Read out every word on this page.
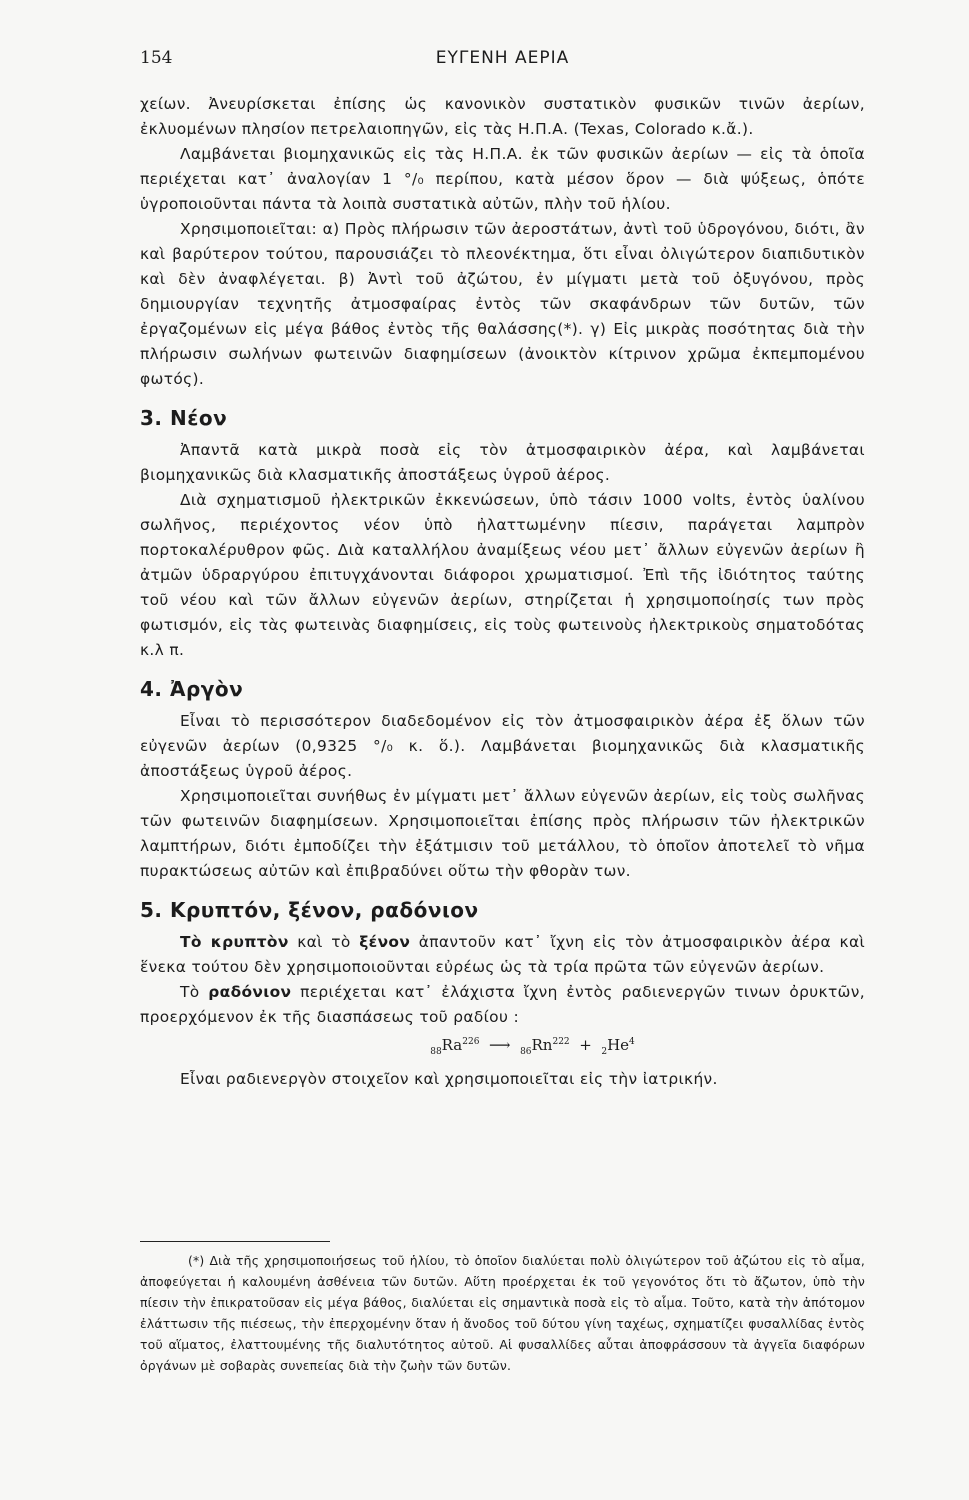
154	ΕΥΓΕΝΗ ΑΕΡΙΑ

χείων. Ἀνευρίσκεται ἐπίσης ὡς κανονικὸν συστατικὸν φυσικῶν τινῶν ἀερίων, ἐκλυομένων πλησίον πετρελαιοπηγῶν, εἰς τὰς Η.Π.Α. (Texas, Colorado κ.ἄ.).

Λαμβάνεται βιομηχανικῶς εἰς τὰς Η.Π.Α. ἐκ τῶν φυσικῶν ἀερίων — εἰς τὰ ὁποῖα περιέχεται κατ᾿ ἀναλογίαν 1 °/₀ περίπου, κατὰ μέσον ὅρον — διὰ ψύξεως, ὁπότε ὑγροποιοῦνται πάντα τὰ λοιπὰ συστατικὰ αὐτῶν, πλὴν τοῦ ἡλίου.

Χρησιμοποιεῖται: α) Πρὸς πλήρωσιν τῶν ἀεροστάτων, ἀντὶ τοῦ ὑδρογόνου, διότι, ἂν καὶ βαρύτερον τούτου, παρουσιάζει τὸ πλεονέκτημα, ὅτι εἶναι ὀλιγώτερον διαπιδυτικὸν καὶ δὲν ἀναφλέγεται. β) Ἀντὶ τοῦ ἀζώτου, ἐν μίγματι μετὰ τοῦ ὀξυγόνου, πρὸς δημιουργίαν τεχνητῆς ἀτμοσφαίρας ἐντὸς τῶν σκαφάνδρων τῶν δυτῶν, τῶν ἐργαζομένων εἰς μέγα βάθος ἐντὸς τῆς θαλάσσης(*). γ) Εἰς μικρὰς ποσότητας διὰ τὴν πλήρωσιν σωλήνων φωτεινῶν διαφημίσεων (ἀνοικτὸν κίτρινον χρῶμα ἐκπεμπομένου φωτός).

3. Νέον

Ἀπαντᾶ κατὰ μικρὰ ποσὰ εἰς τὸν ἀτμοσφαιρικὸν ἀέρα, καὶ λαμβάνεται βιομηχανικῶς διὰ κλασματικῆς ἀποστάξεως ὑγροῦ ἀέρος.

Διὰ σχηματισμοῦ ἠλεκτρικῶν ἐκκενώσεων, ὑπὸ τάσιν 1000 volts, ἐντὸς ὑαλίνου σωλῆνος, περιέχοντος νέον ὑπὸ ἠλαττωμένην πίεσιν, παράγεται λαμπρὸν πορτοκαλέρυθρον φῶς. Διὰ καταλλήλου ἀναμίξεως νέου μετ᾿ ἄλλων εὐγενῶν ἀερίων ἢ ἀτμῶν ὑδραργύρου ἐπιτυγχάνονται διάφοροι χρωματισμοί. Ἐπὶ τῆς ἰδιότητος ταύτης τοῦ νέου καὶ τῶν ἄλλων εὐγενῶν ἀερίων, στηρίζεται ἡ χρησιμοποίησίς των πρὸς φωτισμόν, εἰς τὰς φωτεινὰς διαφημίσεις, εἰς τοὺς φωτεινοὺς ἠλεκτρικοὺς σηματοδότας κ.λ π.

4. Ἀργὸν

Εἶναι τὸ περισσότερον διαδεδομένον εἰς τὸν ἀτμοσφαιρικὸν ἀέρα ἐξ ὅλων τῶν εὐγενῶν ἀερίων (0,9325 °/₀ κ. ὅ.). Λαμβάνεται βιομηχανικῶς διὰ κλασματικῆς ἀποστάξεως ὑγροῦ ἀέρος.

Χρησιμοποιεῖται συνήθως ἐν μίγματι μετ᾿ ἄλλων εὐγενῶν ἀερίων, εἰς τοὺς σωλῆνας τῶν φωτεινῶν διαφημίσεων. Χρησιμοποιεῖται ἐπίσης πρὸς πλήρωσιν τῶν ἠλεκτρικῶν λαμπτήρων, διότι ἐμποδίζει τὴν ἐξάτμισιν τοῦ μετάλλου, τὸ ὁποῖον ἀποτελεῖ τὸ νῆμα πυρακτώσεως αὐτῶν καὶ ἐπιβραδύνει οὕτω τὴν φθορὰν των.

5. Κρυπτόν, ξένον, ραδόνιον

Τὸ κρυπτὸν καὶ τὸ ξένον ἀπαντοῦν κατ᾿ ἴχνη εἰς τὸν ἀτμοσφαιρικὸν ἀέρα καὶ ἕνεκα τούτου δὲν χρησιμοποιοῦνται εὐρέως ὡς τὰ τρία πρῶτα τῶν εὐγενῶν ἀερίων.

Τὸ ραδόνιον περιέχεται κατ᾿ ἐλάχιστα ἴχνη ἐντὸς ραδιενεργῶν τινων ὀρυκτῶν, προερχόμενον ἐκ τῆς διασπάσεως τοῦ ραδίου :

$_{88}Ra^{226}$ ⟶ $_{86}Rn^{222} + _2He^4$

Εἶναι ραδιενεργὸν στοιχεῖον καὶ χρησιμοποιεῖται εἰς τὴν ἰατρικήν.

(*) Διὰ τῆς χρησιμοποιήσεως τοῦ ἡλίου, τὸ ὁποῖον διαλύεται πολὺ ὀλιγώτερον τοῦ ἀζώτου εἰς τὸ αἷμα, ἀποφεύγεται ἡ καλουμένη ἀσθένεια τῶν δυτῶν. Αὕτη προέρχεται ἐκ τοῦ γεγονότος ὅτι τὸ ἄζωτον, ὑπὸ τὴν πίεσιν τὴν ἐπικρατοῦσαν εἰς μέγα βάθος, διαλύεται εἰς σημαντικὰ ποσὰ εἰς τὸ αἷμα. Τοῦτο, κατὰ τὴν ἀπότομον ἐλάττωσιν τῆς πιέσεως, τὴν ἐπερχομένην ὅταν ἡ ἄνοδος τοῦ δύτου γίνη ταχέως, σχηματίζει φυσαλλίδας ἐντὸς τοῦ αἵματος, ἐλαττουμένης τῆς διαλυτότητος αὐτοῦ. Αἱ φυσαλλίδες αὗται ἀποφράσσουν τὰ ἀγγεῖα διαφόρων ὀργάνων μὲ σοβαρὰς συνεπείας διὰ τὴν ζωὴν τῶν δυτῶν.
